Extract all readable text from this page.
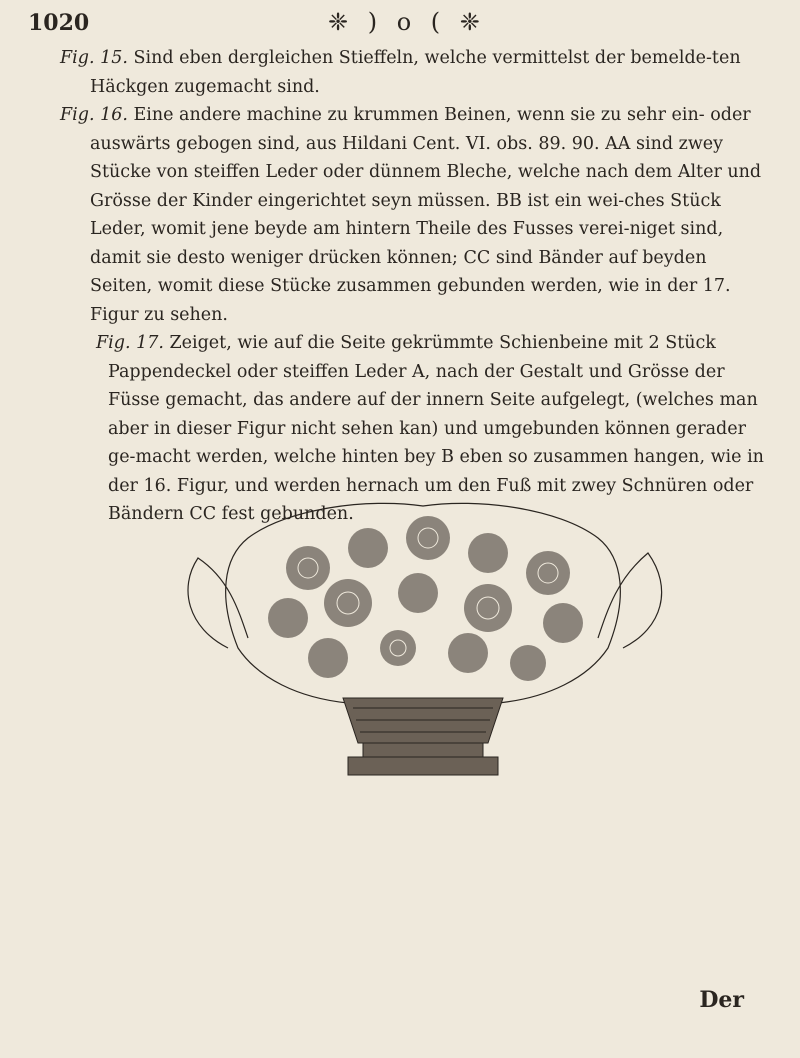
1020	❈ ) o ( ❈

Fig. 15. Sind eben dergleichen Stieffeln, welche vermittelst der bemelde-ten Häckgen zugemacht sind.

Fig. 16. Eine andere machine zu krummen Beinen, wenn sie zu sehr ein- oder auswärts gebogen sind, aus Hildani Cent. VI. obs. 89. 90. AA sind zwey Stücke von steiffen Leder oder dünnem Bleche, welche nach dem Alter und Grösse der Kinder eingerichtet seyn müssen. BB ist ein wei-ches Stück Leder, womit jene beyde am hintern Theile des Fusses verei-niget sind, damit sie desto weniger drücken können; CC sind Bänder auf beyden Seiten, womit diese Stücke zusammen gebunden werden, wie in der 17. Figur zu sehen.

Fig. 17. Zeiget, wie auf die Seite gekrümmte Schienbeine mit 2 Stück Pappendeckel oder steiffen Leder A, nach der Gestalt und Grösse der Füsse gemacht, das andere auf der innern Seite aufgelegt, (welches man aber in dieser Figur nicht sehen kan) und umgebunden können gerader ge-macht werden, welche hinten bey B eben so zusammen hangen, wie in der 16. Figur, und werden hernach um den Fuß mit zwey Schnüren oder Bändern CC fest gebunden.

Der
